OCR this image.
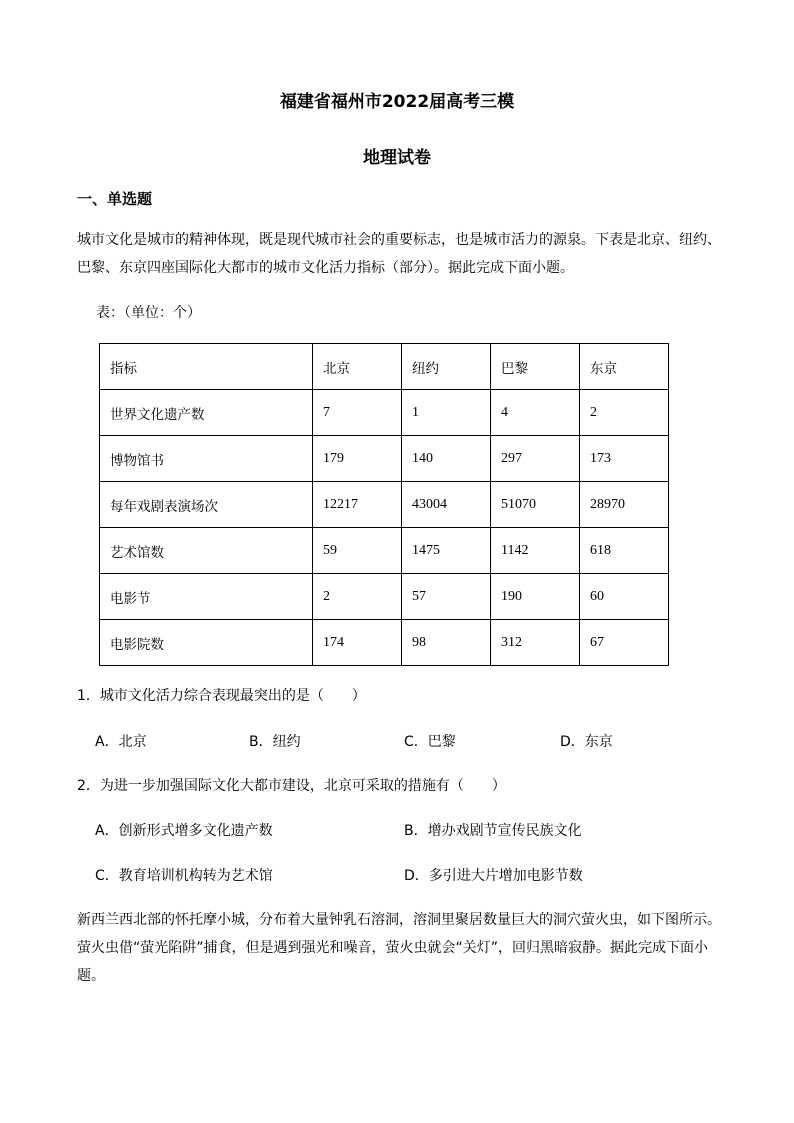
福建省福州市2022届高考三模
地理试卷
一、单选题
城市文化是城市的精神体现，既是现代城市社会的重要标志，也是城市活力的源泉。下表是北京、纽约、巴黎、东京四座国际化大都市的城市文化活力指标（部分）。据此完成下面小题。
表：（单位：个）
指标	北京	纽约	巴黎	东京
世界文化遗产数	7	1	4	2
博物馆书	179	140	297	173
每年戏剧表演场次	12217	43004	51070	28970
艺术馆数	59	1475	1142	618
电影节	2	57	190	60
电影院数	174	98	312	67
1．城市文化活力综合表现最突出的是（　　）
A．北京	B．纽约	C．巴黎	D．东京
2．为进一步加强国际文化大都市建设，北京可采取的措施有（　　）
A．创新形式增多文化遗产数	B．增办戏剧节宣传民族文化
C．教育培训机构转为艺术馆	D．多引进大片增加电影节数
新西兰西北部的怀托摩小城，分布着大量钟乳石溶洞，溶洞里聚居数量巨大的洞穴萤火虫，如下图所示。萤火虫借“萤光陷阱”捕食，但是遇到强光和噪音，萤火虫就会“关灯”，回归黑暗寂静。据此完成下面小题。
